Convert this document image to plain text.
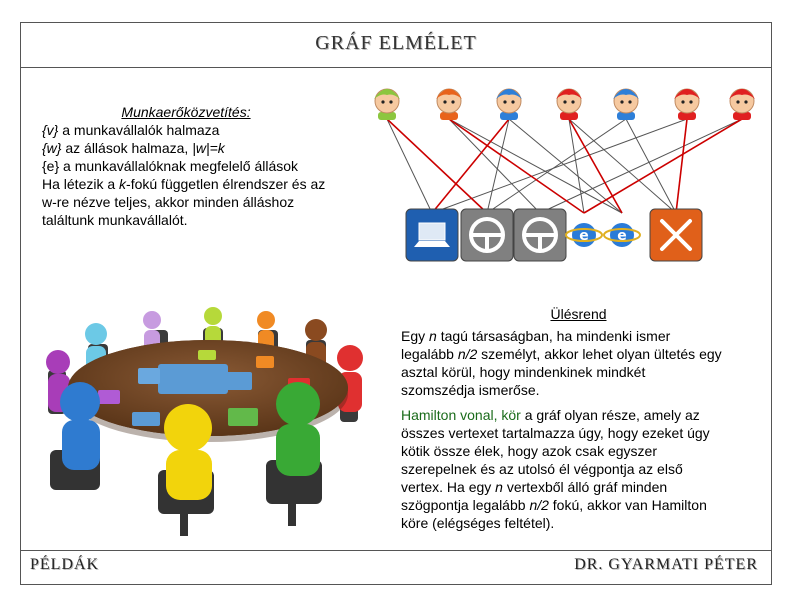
GRÁF ELMÉLET
Munkaerőközvetítés:
{v} a munkavállalók halmaza
{w} az állások halmaza, |w|=k
{e} a munkavállalóknak megfelelő állások
Ha létezik a k-fokú független élrendszer és az
w-re nézve teljes, akkor minden álláshoz
találtunk munkavállalót.
e e
Ülésrend
Egy n tagú társaságban, ha mindenki ismer
legalább n/2 személyt, akkor lehet olyan ültetés egy
asztal körül, hogy mindenkinek mindkét
szomszédja ismerőse.
Hamilton vonal, kör a gráf olyan része, amely az
összes vertexet tartalmazza úgy, hogy ezeket úgy
kötik össze élek, hogy azok csak egyszer
szerepelnek és az utolsó él végpontja az első
vertex. Ha egy n vertexből álló gráf minden
szögpontja legalább n/2 fokú, akkor van Hamilton
köre (elégséges feltétel).
PÉLDÁK	DR. GYARMATI PÉTER
